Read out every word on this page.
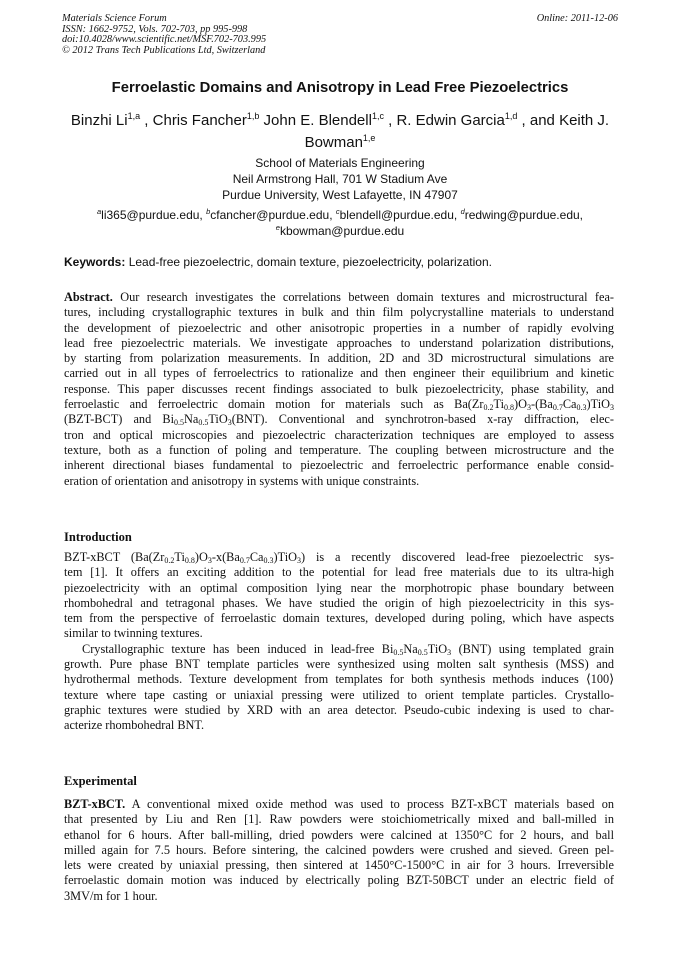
Materials Science Forum	Online: 2011-12-06
ISSN: 1662-9752, Vols. 702-703, pp 995-998
doi:10.4028/www.scientific.net/MSF.702-703.995
© 2012 Trans Tech Publications Ltd, Switzerland
Ferroelastic Domains and Anisotropy in Lead Free Piezoelectrics
Binzhi Li$^{1,a}$ , Chris Fancher$^{1,b}$ John E. Blendell$^{1,c}$ , R. Edwin Garcia$^{1,d}$ , and Keith J. Bowman$^{1,e}$
School of Materials Engineering
Neil Armstrong Hall, 701 W Stadium Ave
Purdue University, West Lafayette, IN 47907
$^a$li365@purdue.edu, $^b$cfancher@purdue.edu, $^c$blendell@purdue.edu, $^d$redwing@purdue.edu,
$^e$kbowman@purdue.edu
Keywords: Lead-free piezoelectric, domain texture, piezoelectricity, polarization.
Abstract. Our research investigates the correlations between domain textures and microstructural fea-
tures, including crystallographic textures in bulk and thin film polycrystalline materials to understand
the development of piezoelectric and other anisotropic properties in a number of rapidly evolving
lead free piezoelectric materials. We investigate approaches to understand polarization distributions,
by starting from polarization measurements. In addition, 2D and 3D microstructural simulations are
carried out in all types of ferroelectrics to rationalize and then engineer their equilibrium and kinetic
response. This paper discusses recent findings associated to bulk piezoelectricity, phase stability, and
ferroelastic and ferroelectric domain motion for materials such as $Ba(Zr_{0.2}Ti_{0.8})O_3-(Ba_{0.7}Ca_{0.3})TiO_3$
(BZT-BCT) and $Bi_{0.5}Na_{0.5}TiO_3(BNT)$. Conventional and synchrotron-based x-ray diffraction, elec-
tron and optical microscopies and piezoelectric characterization techniques are employed to assess
texture, both as a function of poling and temperature. The coupling between microstructure and the
inherent directional biases fundamental to piezoelectric and ferroelectric performance enable consid-
eration of orientation and anisotropy in systems with unique constraints.
Introduction
BZT-xBCT $(Ba(Zr_{0.2}Ti_{0.8})O_3-x(Ba_{0.7}Ca_{0.3})TiO_3)$ is a recently discovered lead-free piezoelectric sys-
tem [1]. It offers an exciting addition to the potential for lead free materials due to its ultra-high
piezoelectricity with an optimal composition lying near the morphotropic phase boundary between
rhombohedral and tetragonal phases. We have studied the origin of high piezoelectricity in this sys-
tem from the perspective of ferroelastic domain textures, developed during poling, which have aspects
similar to twinning textures.
Crystallographic texture has been induced in lead-free $Bi_{0.5}Na_{0.5}TiO_3$ (BNT) using templated grain
growth. Pure phase BNT template particles were synthesized using molten salt synthesis (MSS) and
hydrothermal methods. Texture development from templates for both synthesis methods induces ⟨100⟩
texture where tape casting or uniaxial pressing were utilized to orient template particles. Crystallo-
graphic textures were studied by XRD with an area detector. Pseudo-cubic indexing is used to char-
acterize rhombohedral BNT.
Experimental
BZT-xBCT. A conventional mixed oxide method was used to process BZT-xBCT materials based on
that presented by Liu and Ren [1]. Raw powders were stoichiometrically mixed and ball-milled in
ethanol for 6 hours. After ball-milling, dried powders were calcined at 1350°C for 2 hours, and ball
milled again for 7.5 hours. Before sintering, the calcined powders were crushed and sieved. Green pel-
lets were created by uniaxial pressing, then sintered at 1450°C-1500°C in air for 3 hours. Irreversible
ferroelastic domain motion was induced by electrically poling BZT-50BCT under an electric field of
3MV/m for 1 hour.
